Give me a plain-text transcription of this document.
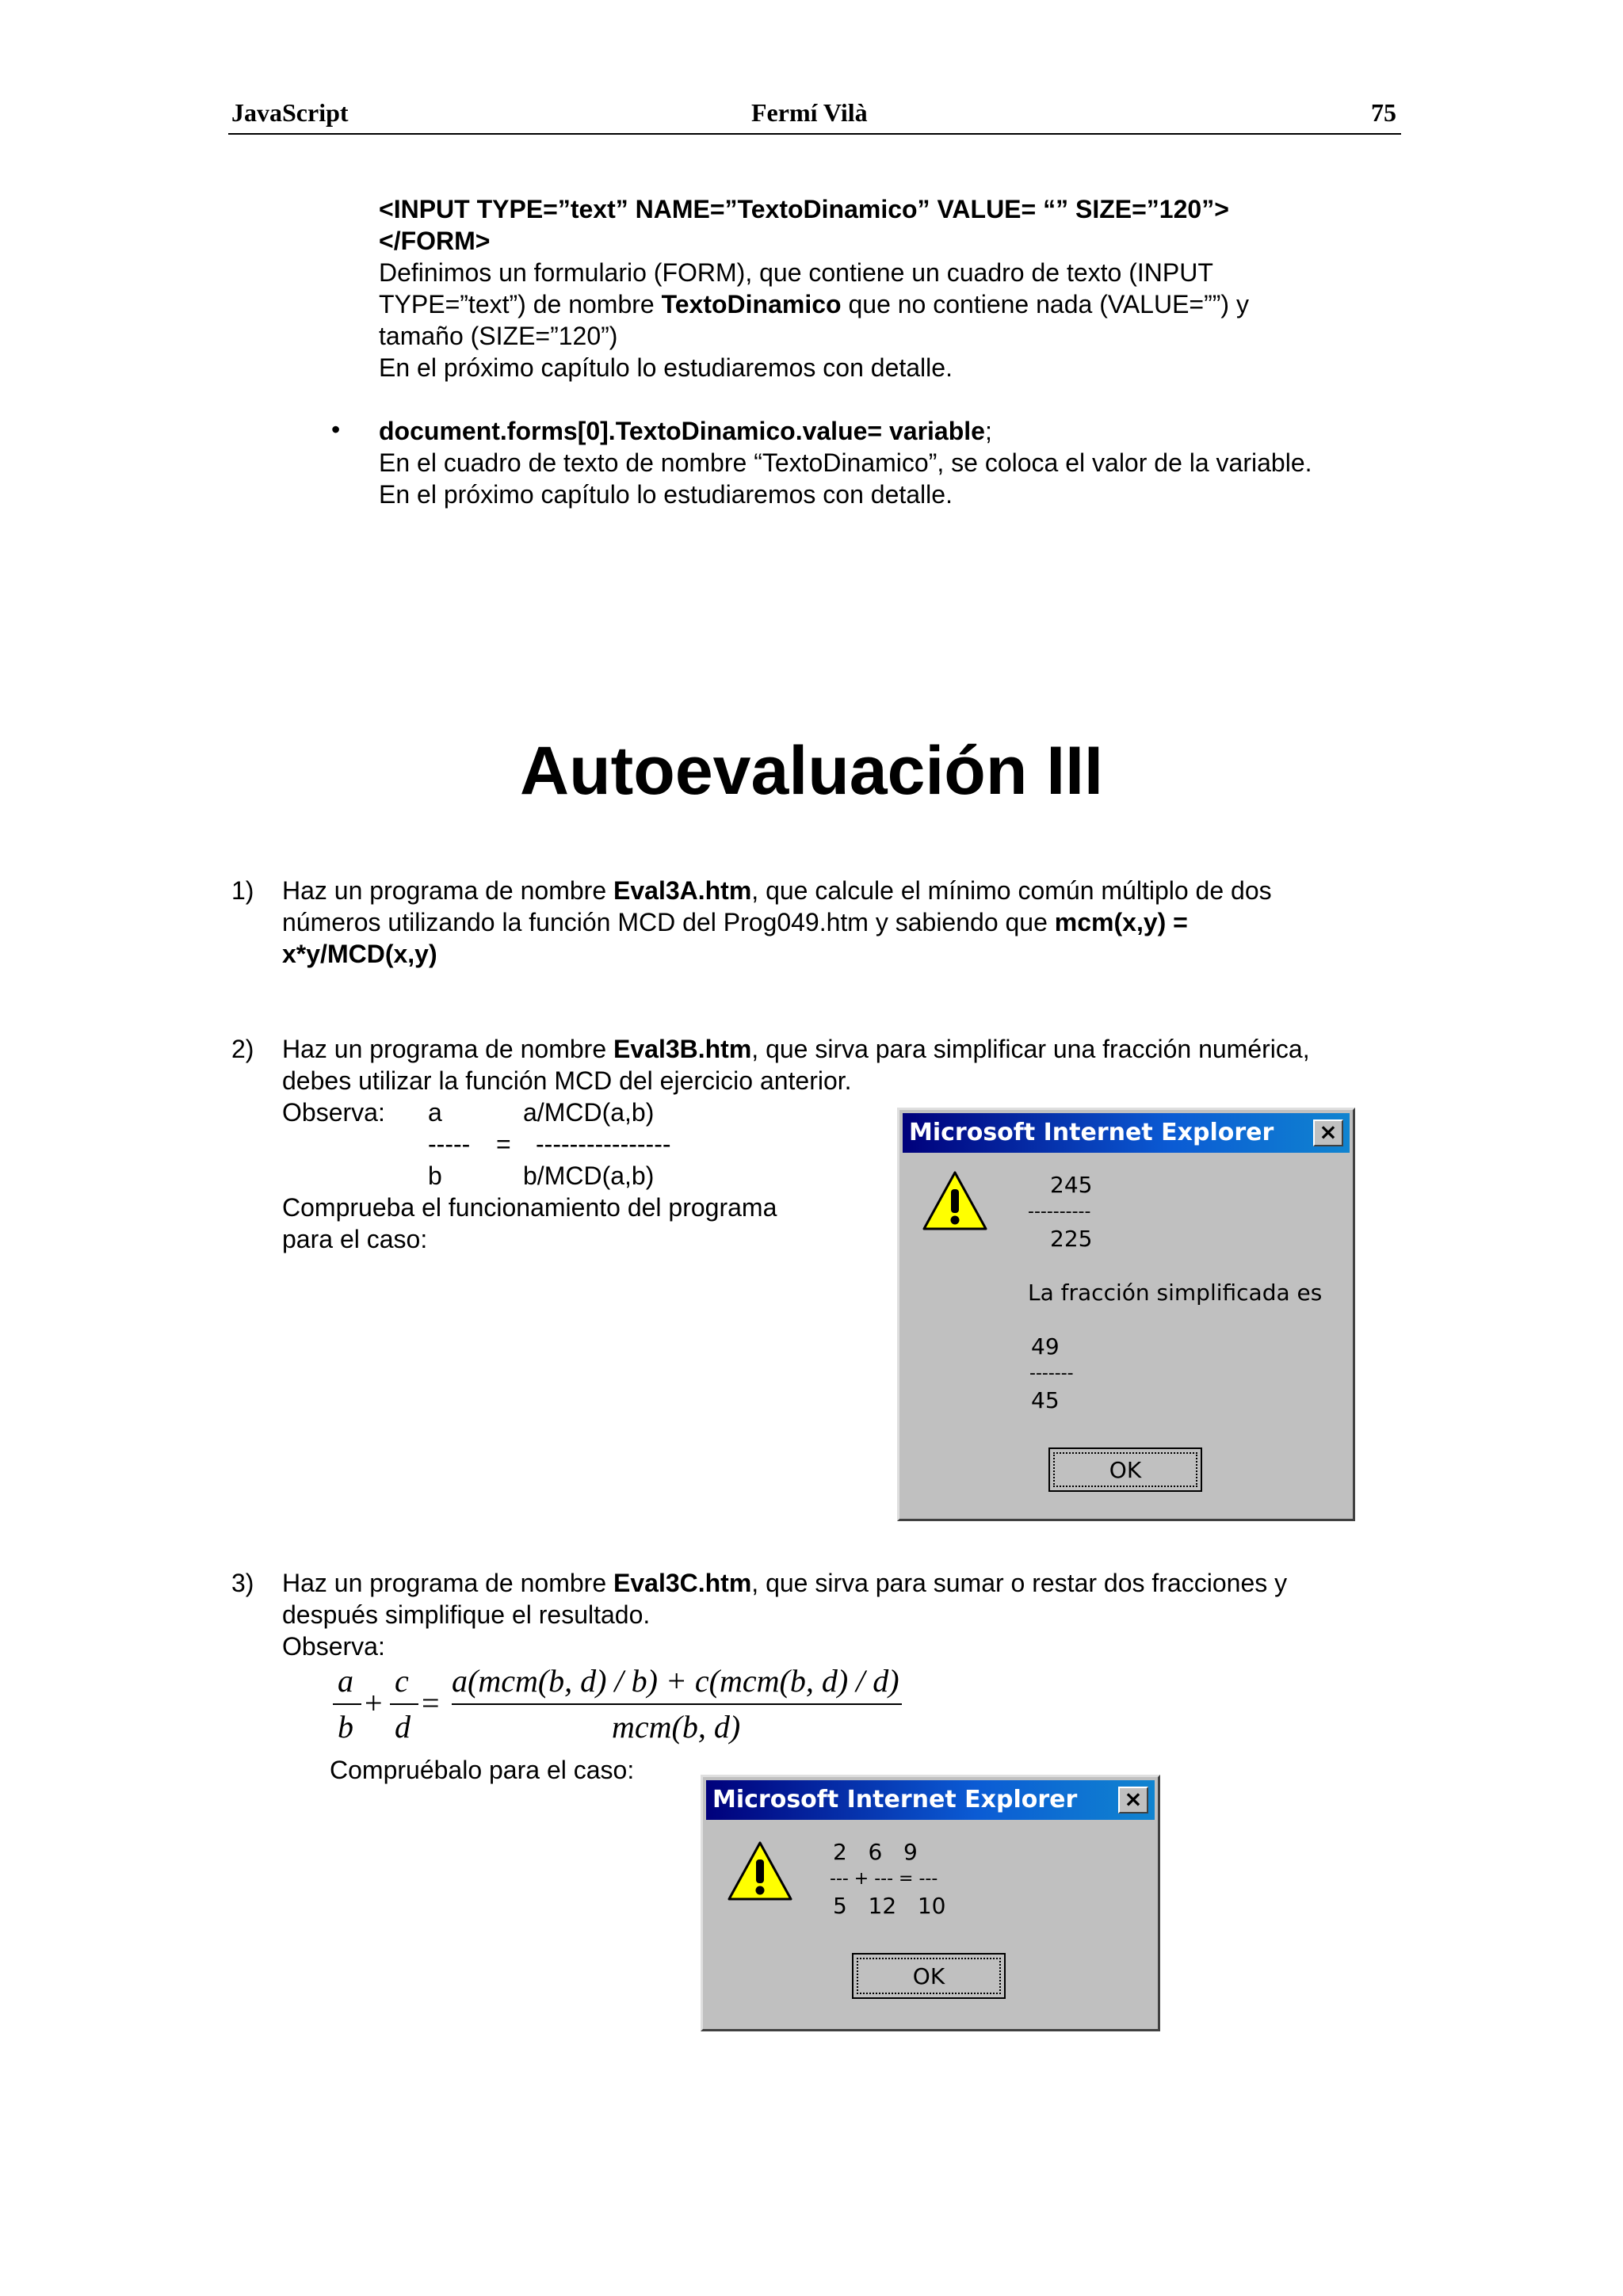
JavaScript	Fermí Vilà	75
<INPUT TYPE=”text” NAME=”TextoDinamico” VALUE= “” SIZE=”120”>
</FORM>
Definimos un formulario (FORM), que contiene un cuadro de texto (INPUT
TYPE=”text”) de nombre TextoDinamico que no contiene nada (VALUE=””) y
tamaño (SIZE=”120”)
En el próximo capítulo lo estudiaremos con detalle.
• document.forms[0].TextoDinamico.value= variable;
En el cuadro de texto de nombre “TextoDinamico”, se coloca el valor de la variable.
En el próximo capítulo lo estudiaremos con detalle.
Autoevaluación III
1) Haz un programa de nombre Eval3A.htm, que calcule el mínimo común múltiplo de dos
números utilizando la función MCD del Prog049.htm y sabiendo que mcm(x,y) =
x*y/MCD(x,y)
2) Haz un programa de nombre Eval3B.htm, que sirva para simplificar una fracción numérica,
debes utilizar la función MCD del ejercicio anterior.
Observa: a	a/MCD(a,b)
----- = ----------------
b	b/MCD(a,b)
Comprueba el funcionamiento del programa
para el caso:
Microsoft Internet Explorer ×
245
----------
225
La fracción simplificada es
49
-------
45
OK
3) Haz un programa de nombre Eval3C.htm, que sirva para sumar o restar dos fracciones y
después simplifique el resultado.
Observa:
a
b
+
c
d
=
a(mcm(b, d) / b) + c(mcm(b, d) / d)
mcm(b, d)
Compruébalo para el caso:
Microsoft Internet Explorer ×
2   6   9
--- + --- = ---
5   12   10
OK
